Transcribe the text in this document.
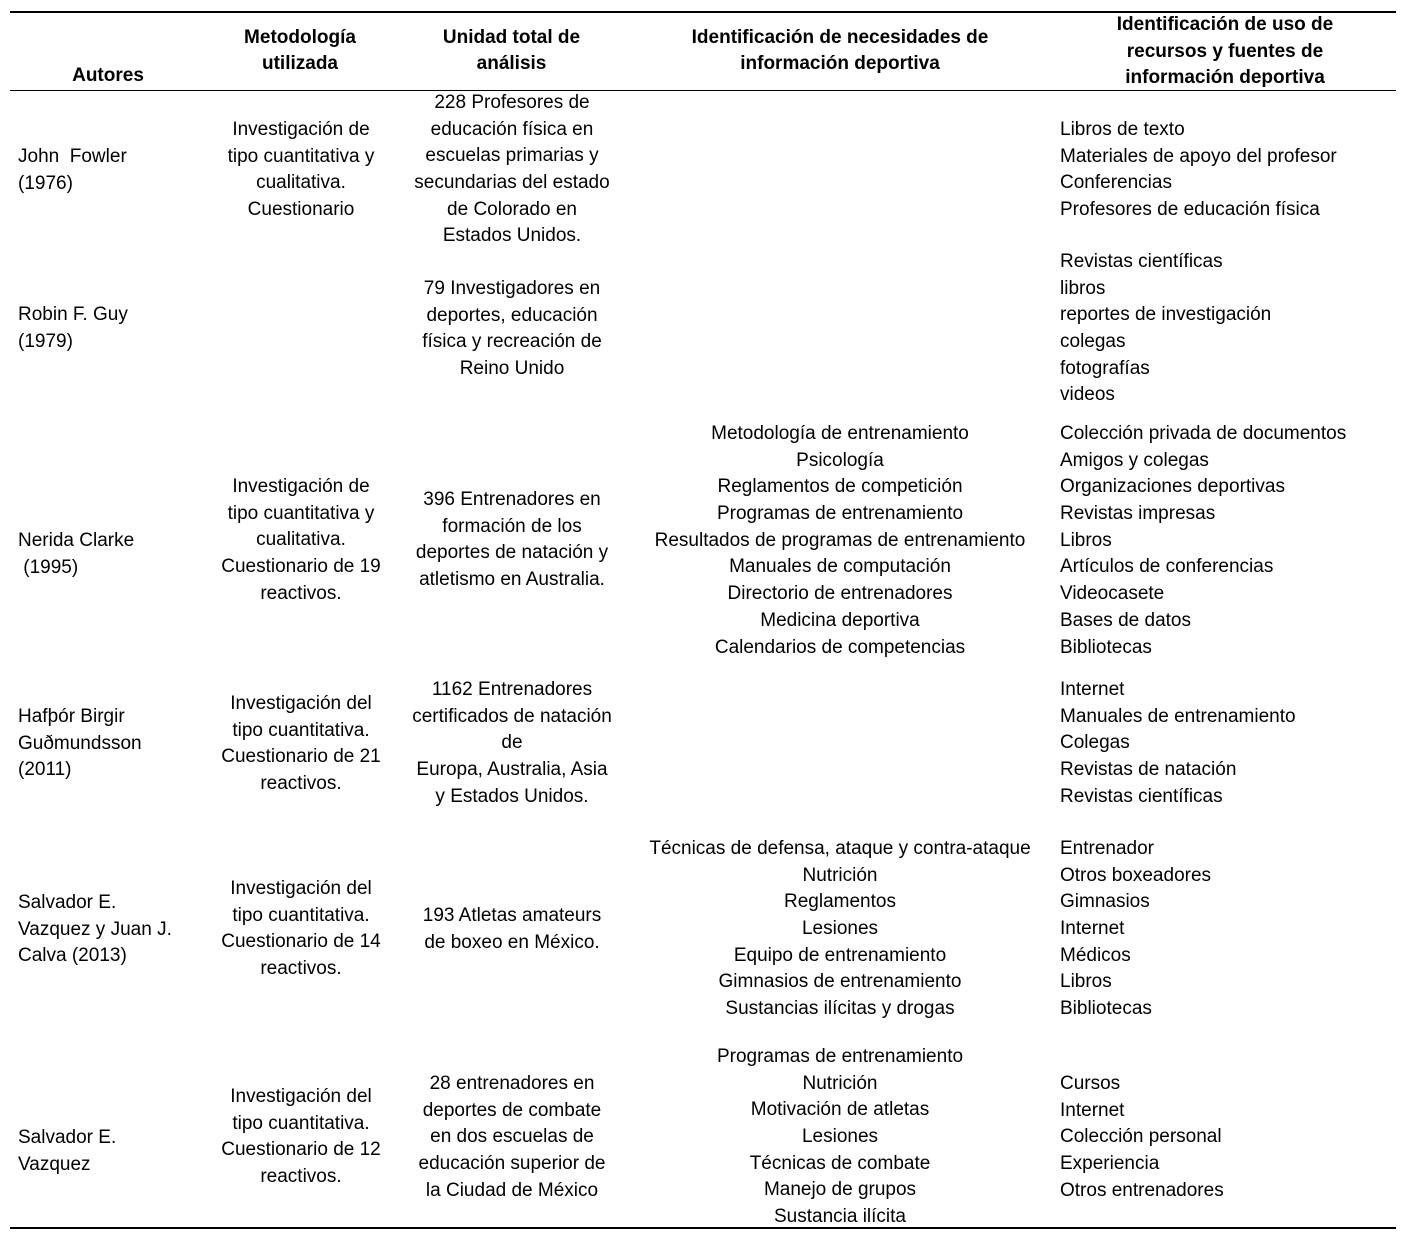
Autores
Metodología
utilizada
Unidad total de
análisis
Identificación de necesidades de
información deportiva
Identificación de uso de
recursos y fuentes de
información deportiva
John  Fowler
(1976)
Investigación de
tipo cuantitativa y
cualitativa.
Cuestionario
228 Profesores de
educación física en
escuelas primarias y
secundarias del estado
de Colorado en
Estados Unidos.
Libros de texto
Materiales de apoyo del profesor
Conferencias
Profesores de educación física
Robin F. Guy
(1979)
79 Investigadores en
deportes, educación
física y recreación de
Reino Unido
Revistas científicas
libros
reportes de investigación
colegas
fotografías
videos
Nerida Clarke
(1995)
Investigación de
tipo cuantitativa y
cualitativa.
Cuestionario de 19
reactivos.
396 Entrenadores en
formación de los
deportes de natación y
atletismo en Australia.
Metodología de entrenamiento
Psicología
Reglamentos de competición
Programas de entrenamiento
Resultados de programas de entrenamiento
Manuales de computación
Directorio de entrenadores
Medicina deportiva
Calendarios de competencias
Colección privada de documentos
Amigos y colegas
Organizaciones deportivas
Revistas impresas
Libros
Artículos de conferencias
Videocasete
Bases de datos
Bibliotecas
Hafþór Birgir
Guðmundsson
(2011)
Investigación del
tipo cuantitativa.
Cuestionario de 21
reactivos.
1162 Entrenadores
certificados de natación
de
Europa, Australia, Asia
y Estados Unidos.
Internet
Manuales de entrenamiento
Colegas
Revistas de natación
Revistas científicas
Salvador E.
Vazquez y Juan J.
Calva (2013)
Investigación del
tipo cuantitativa.
Cuestionario de 14
reactivos.
193 Atletas amateurs
de boxeo en México.
Técnicas de defensa, ataque y contra-ataque
Nutrición
Reglamentos
Lesiones
Equipo de entrenamiento
Gimnasios de entrenamiento
Sustancias ilícitas y drogas
Entrenador
Otros boxeadores
Gimnasios
Internet
Médicos
Libros
Bibliotecas
Salvador E.
Vazquez
Investigación del
tipo cuantitativa.
Cuestionario de 12
reactivos.
28 entrenadores en
deportes de combate
en dos escuelas de
educación superior de
la Ciudad de México
Programas de entrenamiento
Nutrición
Motivación de atletas
Lesiones
Técnicas de combate
Manejo de grupos
Sustancia ilícita
Cursos
Internet
Colección personal
Experiencia
Otros entrenadores
